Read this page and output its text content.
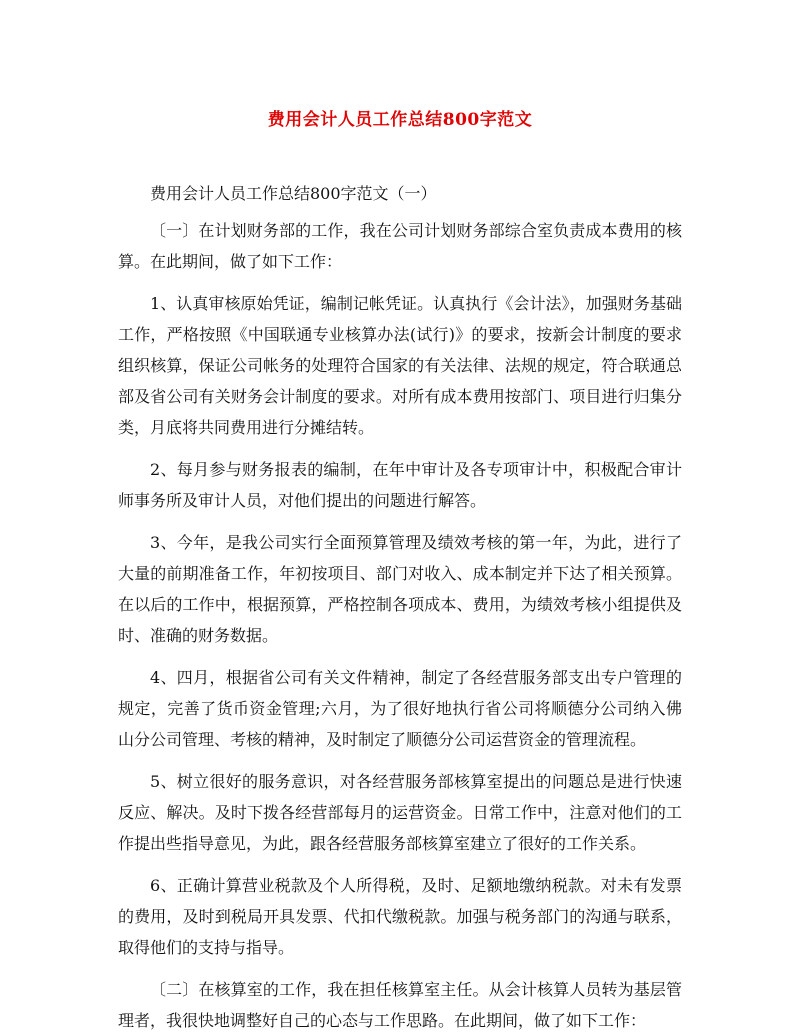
费用会计人员工作总结800字范文

费用会计人员工作总结800字范文（一）

〔一〕在计划财务部的工作，我在公司计划财务部综合室负责成本费用的核算。在此期间，做了如下工作：

1、认真审核原始凭证，编制记帐凭证。认真执行《会计法》，加强财务基础工作，严格按照《中国联通专业核算办法(试行)》的要求，按新会计制度的要求组织核算，保证公司帐务的处理符合国家的有关法律、法规的规定，符合联通总部及省公司有关财务会计制度的要求。对所有成本费用按部门、项目进行归集分类，月底将共同费用进行分摊结转。

2、每月参与财务报表的编制，在年中审计及各专项审计中，积极配合审计师事务所及审计人员，对他们提出的问题进行解答。

3、今年，是我公司实行全面预算管理及绩效考核的第一年，为此，进行了大量的前期准备工作，年初按项目、部门对收入、成本制定并下达了相关预算。在以后的工作中，根据预算，严格控制各项成本、费用，为绩效考核小组提供及时、准确的财务数据。

4、四月，根据省公司有关文件精神，制定了各经营服务部支出专户管理的规定，完善了货币资金管理;六月，为了很好地执行省公司将顺德分公司纳入佛山分公司管理、考核的精神，及时制定了顺德分公司运营资金的管理流程。

5、树立很好的服务意识，对各经营服务部核算室提出的问题总是进行快速反应、解决。及时下拨各经营部每月的运营资金。日常工作中，注意对他们的工作提出些指导意见，为此，跟各经营服务部核算室建立了很好的工作关系。

6、正确计算营业税款及个人所得税，及时、足额地缴纳税款。对未有发票的费用，及时到税局开具发票、代扣代缴税款。加强与税务部门的沟通与联系，取得他们的支持与指导。

〔二〕在核算室的工作，我在担任核算室主任。从会计核算人员转为基层管理者，我很快地调整好自己的心态与工作思路。在此期间，做了如下工作：
